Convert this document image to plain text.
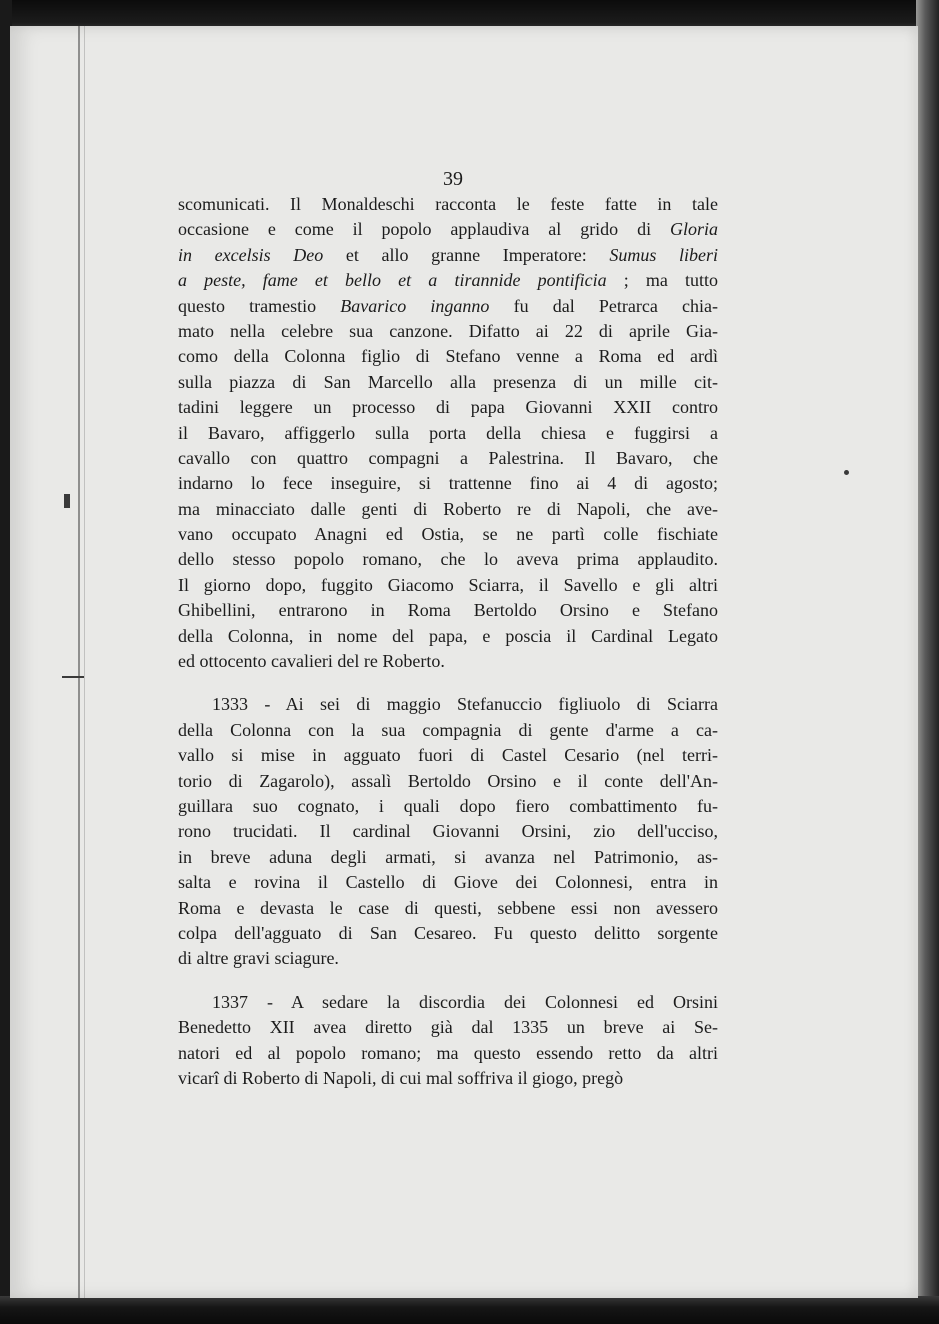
39
scomunicati. Il Monaldeschi racconta le feste fatte in tale
occasione e come il popolo applaudiva al grido di Gloria
in excelsis Deo et allo granne Imperatore: Sumus liberi
a peste, fame et bello et a tirannide pontificia ; ma tutto
questo tramestio Bavarico inganno fu dal Petrarca chia-
mato nella celebre sua canzone. Difatto ai 22 di aprile Gia-
como della Colonna figlio di Stefano venne a Roma ed ardì
sulla piazza di San Marcello alla presenza di un mille cit-
tadini leggere un processo di papa Giovanni XXII contro
il Bavaro, affiggerlo sulla porta della chiesa e fuggirsi a
cavallo con quattro compagni a Palestrina. Il Bavaro, che
indarno lo fece inseguire, si trattenne fino ai 4 di agosto;
ma minacciato dalle genti di Roberto re di Napoli, che ave-
vano occupato Anagni ed Ostia, se ne partì colle fischiate
dello stesso popolo romano, che lo aveva prima applaudito.
Il giorno dopo, fuggito Giacomo Sciarra, il Savello e gli altri
Ghibellini, entrarono in Roma Bertoldo Orsino e Stefano
della Colonna, in nome del papa, e poscia il Cardinal Legato
ed ottocento cavalieri del re Roberto.
1333 - Ai sei di maggio Stefanuccio figliuolo di Sciarra
della Colonna con la sua compagnia di gente d'arme a ca-
vallo si mise in agguato fuori di Castel Cesario (nel terri-
torio di Zagarolo), assalì Bertoldo Orsino e il conte dell'An-
guillara suo cognato, i quali dopo fiero combattimento fu-
rono trucidati. Il cardinal Giovanni Orsini, zio dell'ucciso,
in breve aduna degli armati, si avanza nel Patrimonio, as-
salta e rovina il Castello di Giove dei Colonnesi, entra in
Roma e devasta le case di questi, sebbene essi non avessero
colpa dell'agguato di San Cesareo. Fu questo delitto sorgente
di altre gravi sciagure.
1337 - A sedare la discordia dei Colonnesi ed Orsini
Benedetto XII avea diretto già dal 1335 un breve ai Se-
natori ed al popolo romano; ma questo essendo retto da altri
vicarî di Roberto di Napoli, di cui mal soffriva il giogo, pregò
